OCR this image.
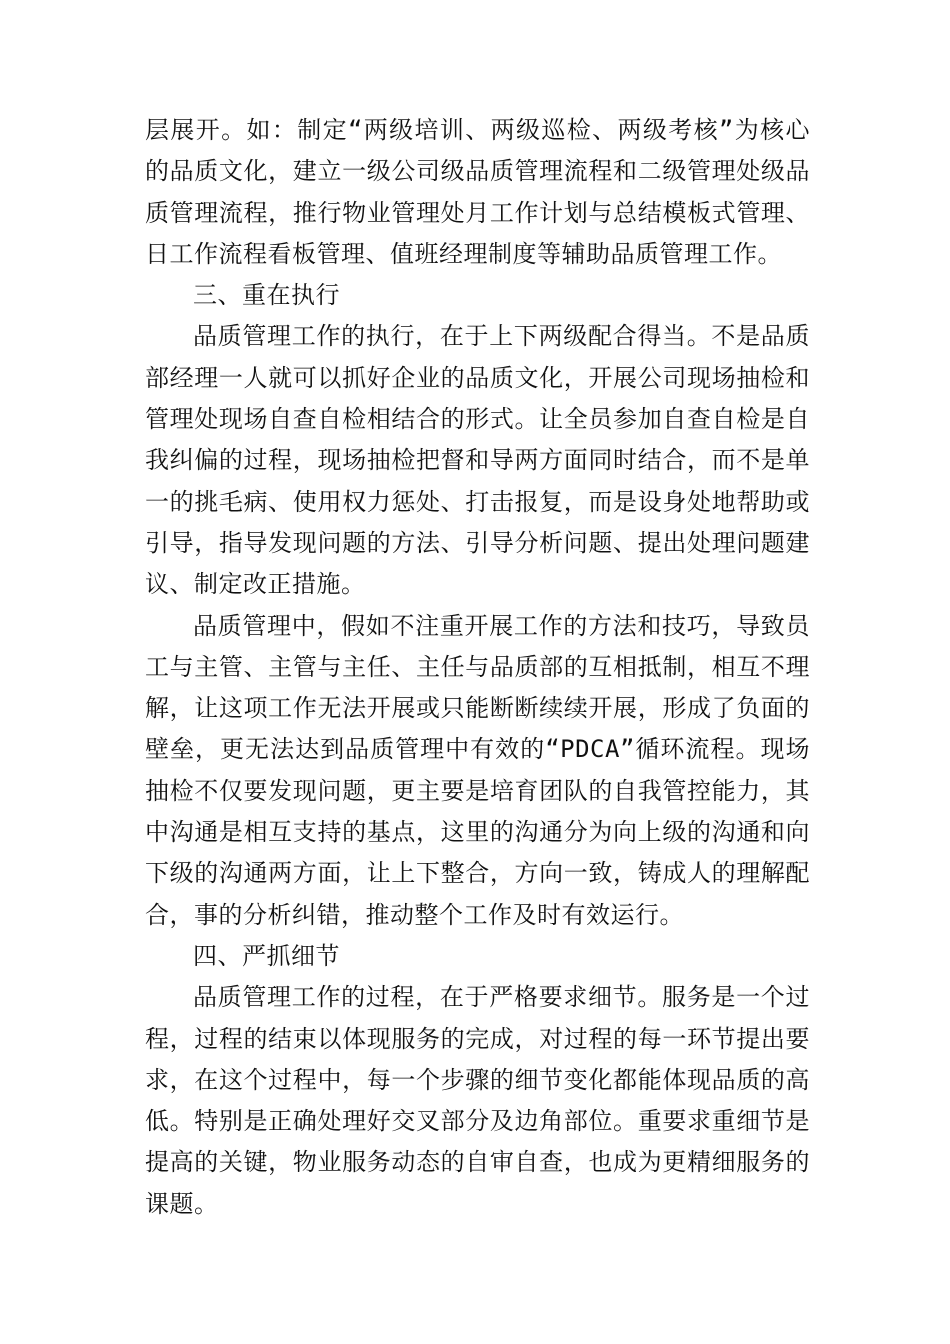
层展开。如：制定“两级培训、两级巡检、两级考核”为核心的品质文化，建立一级公司级品质管理流程和二级管理处级品质管理流程，推行物业管理处月工作计划与总结模板式管理、日工作流程看板管理、值班经理制度等辅助品质管理工作。

三、重在执行

品质管理工作的执行，在于上下两级配合得当。不是品质部经理一人就可以抓好企业的品质文化，开展公司现场抽检和管理处现场自查自检相结合的形式。让全员参加自查自检是自我纠偏的过程，现场抽检把督和导两方面同时结合，而不是单一的挑毛病、使用权力惩处、打击报复，而是设身处地帮助或引导，指导发现问题的方法、引导分析问题、提出处理问题建议、制定改正措施。

品质管理中，假如不注重开展工作的方法和技巧，导致员工与主管、主管与主任、主任与品质部的互相抵制，相互不理解，让这项工作无法开展或只能断断续续开展，形成了负面的壁垒，更无法达到品质管理中有效的“PDCA”循环流程。现场抽检不仅要发现问题，更主要是培育团队的自我管控能力，其中沟通是相互支持的基点，这里的沟通分为向上级的沟通和向下级的沟通两方面，让上下整合，方向一致，铸成人的理解配合，事的分析纠错，推动整个工作及时有效运行。

四、严抓细节

品质管理工作的过程，在于严格要求细节。服务是一个过程，过程的结束以体现服务的完成，对过程的每一环节提出要求，在这个过程中，每一个步骤的细节变化都能体现品质的高低。特别是正确处理好交叉部分及边角部位。重要求重细节是提高的关键，物业服务动态的自审自查，也成为更精细服务的课题。
